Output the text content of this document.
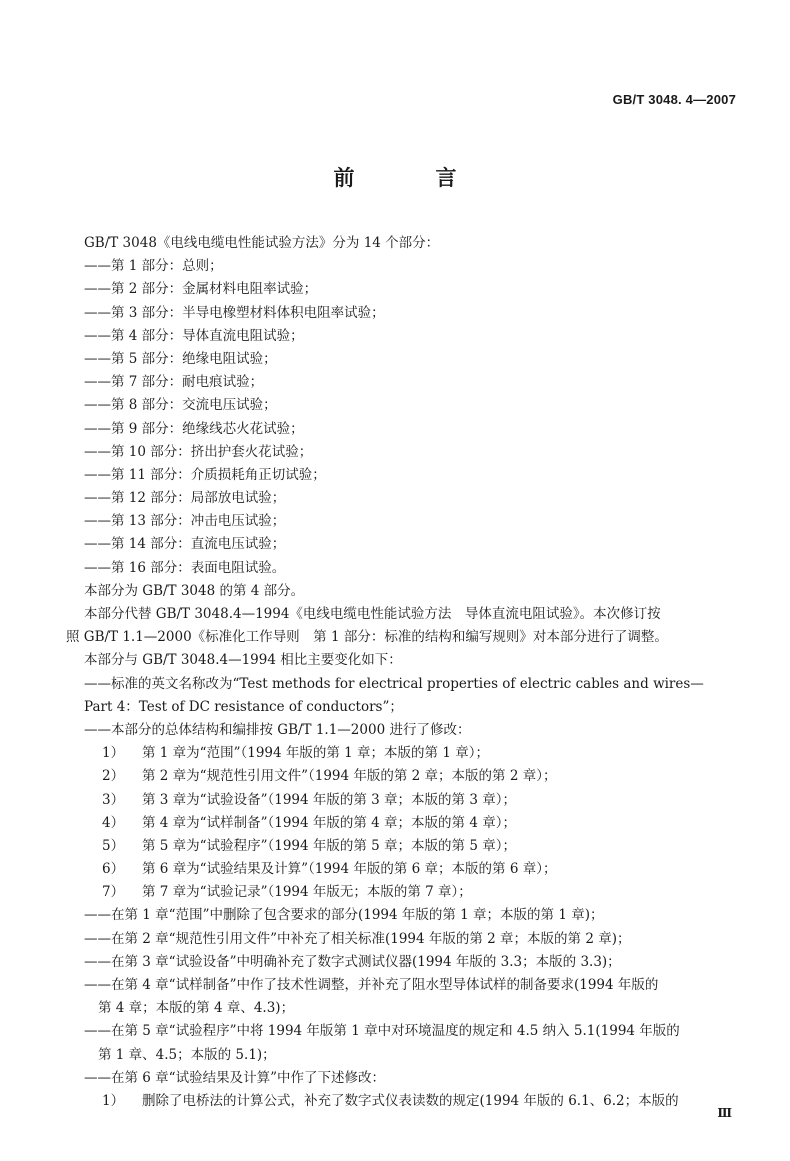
GB/T 3048. 4—2007
前　言
GB/T 3048《电线电缆电性能试验方法》分为 14 个部分：
——第 1 部分：总则；
——第 2 部分：金属材料电阻率试验；
——第 3 部分：半导电橡塑材料体积电阻率试验；
——第 4 部分：导体直流电阻试验；
——第 5 部分：绝缘电阻试验；
——第 7 部分：耐电痕试验；
——第 8 部分：交流电压试验；
——第 9 部分：绝缘线芯火花试验；
——第 10 部分：挤出护套火花试验；
——第 11 部分：介质损耗角正切试验；
——第 12 部分：局部放电试验；
——第 13 部分：冲击电压试验；
——第 14 部分：直流电压试验；
——第 16 部分：表面电阻试验。
本部分为 GB/T 3048 的第 4 部分。
本部分代替 GB/T 3048.4—1994《电线电缆电性能试验方法　导体直流电阻试验》。本次修订按
照 GB/T 1.1—2000《标准化工作导则　第 1 部分：标准的结构和编写规则》对本部分进行了调整。
本部分与 GB/T 3048.4—1994 相比主要变化如下：
——标准的英文名称改为“Test methods for electrical properties of electric cables and wires—
Part 4：Test of DC resistance of conductors”；
——本部分的总体结构和编排按 GB/T 1.1—2000 进行了修改：
1） 第 1 章为“范围”（1994 年版的第 1 章；本版的第 1 章）；
2） 第 2 章为“规范性引用文件”（1994 年版的第 2 章；本版的第 2 章）；
3） 第 3 章为“试验设备”（1994 年版的第 3 章；本版的第 3 章）；
4） 第 4 章为“试样制备”（1994 年版的第 4 章；本版的第 4 章）；
5） 第 5 章为“试验程序”（1994 年版的第 5 章；本版的第 5 章）；
6） 第 6 章为“试验结果及计算”（1994 年版的第 6 章；本版的第 6 章）；
7） 第 7 章为“试验记录”（1994 年版无；本版的第 7 章）；
——在第 1 章“范围”中删除了包含要求的部分(1994 年版的第 1 章；本版的第 1 章)；
——在第 2 章“规范性引用文件”中补充了相关标准(1994 年版的第 2 章；本版的第 2 章)；
——在第 3 章“试验设备”中明确补充了数字式测试仪器(1994 年版的 3.3；本版的 3.3)；
——在第 4 章“试样制备”中作了技术性调整，并补充了阻水型导体试样的制备要求(1994 年版的
第 4 章；本版的第 4 章、4.3)；
——在第 5 章“试验程序”中将 1994 年版第 1 章中对环境温度的规定和 4.5 纳入 5.1(1994 年版的
第 1 章、4.5；本版的 5.1)；
——在第 6 章“试验结果及计算”中作了下述修改：
1） 删除了电桥法的计算公式，补充了数字式仪表读数的规定(1994 年版的 6.1、6.2；本版的
Ⅲ
